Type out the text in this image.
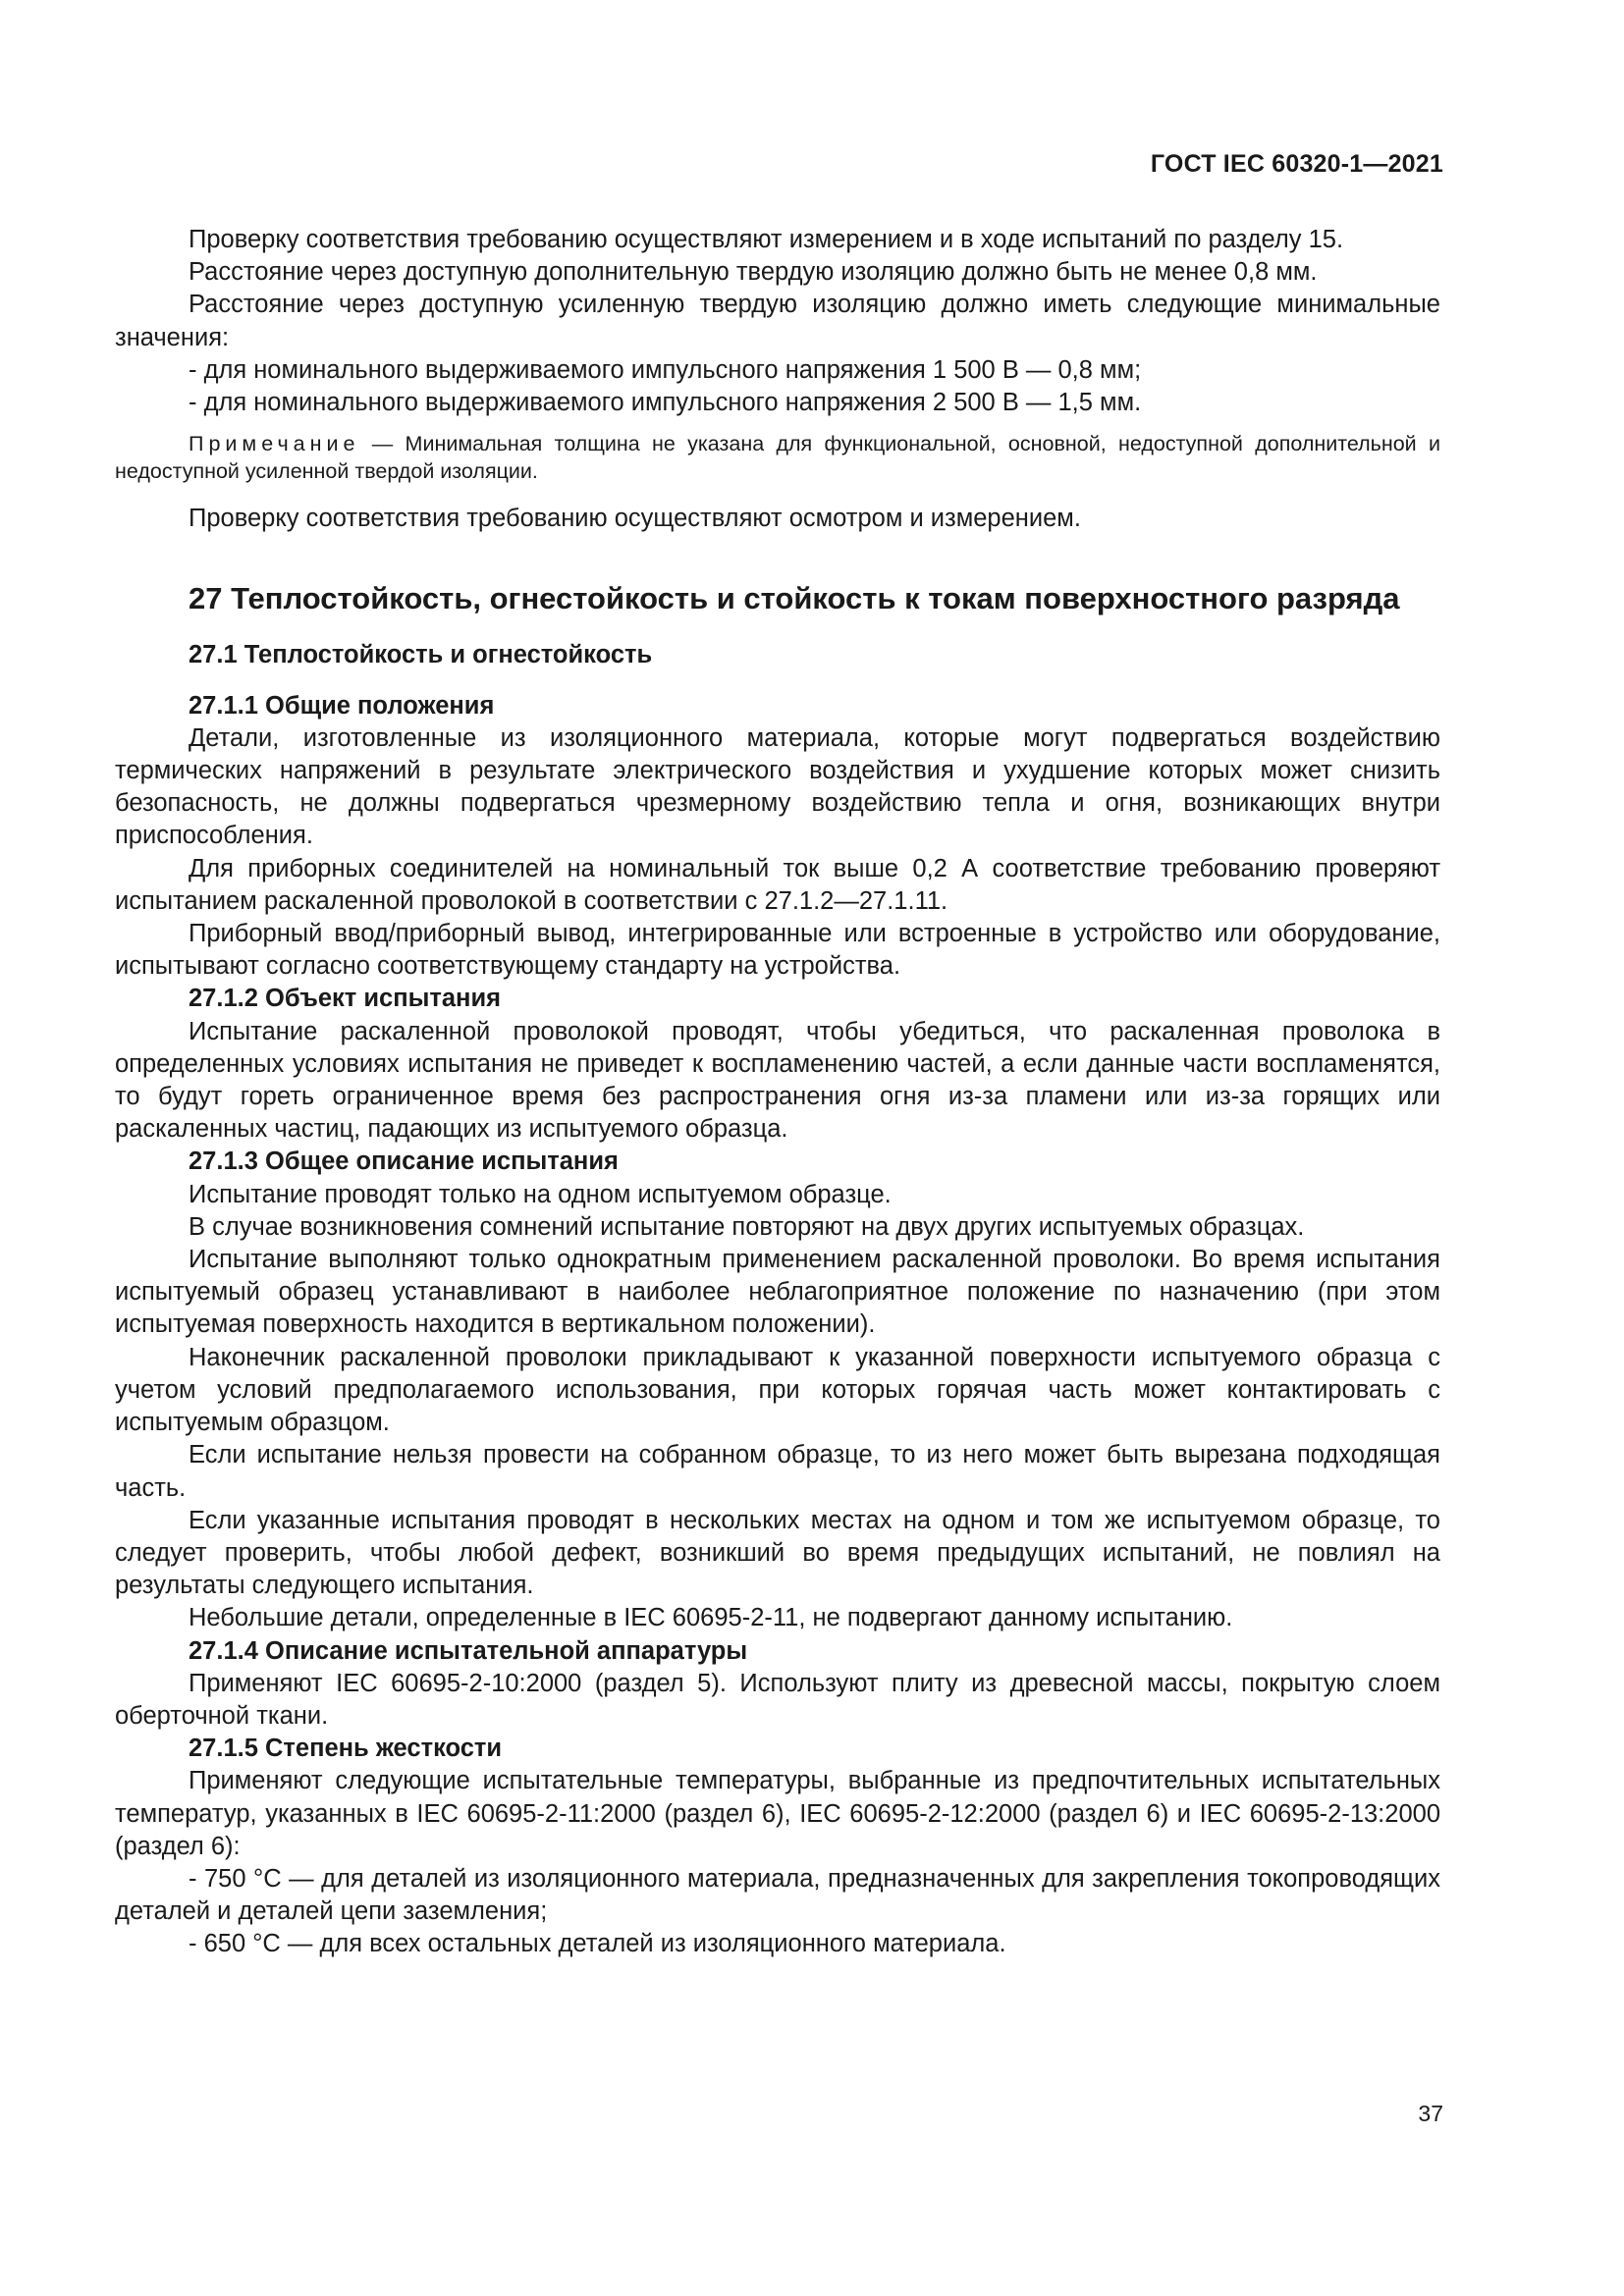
ГОСТ IEC 60320-1—2021

Проверку соответствия требованию осуществляют измерением и в ходе испытаний по разделу 15.

Расстояние через доступную дополнительную твердую изоляцию должно быть не менее 0,8 мм.

Расстояние через доступную усиленную твердую изоляцию должно иметь следующие минимальные значения:

- для номинального выдерживаемого импульсного напряжения 1 500 В — 0,8 мм;

- для номинального выдерживаемого импульсного напряжения 2 500 В — 1,5 мм.

Примечание — Минимальная толщина не указана для функциональной, основной, недоступной дополнительной и недоступной усиленной твердой изоляции.

Проверку соответствия требованию осуществляют осмотром и измерением.

27 Теплостойкость, огнестойкость и стойкость к токам поверхностного разряда

27.1 Теплостойкость и огнестойкость

27.1.1 Общие положения

Детали, изготовленные из изоляционного материала, которые могут подвергаться воздействию термических напряжений в результате электрического воздействия и ухудшение которых может снизить безопасность, не должны подвергаться чрезмерному воздействию тепла и огня, возникающих внутри приспособления.

Для приборных соединителей на номинальный ток выше 0,2 А соответствие требованию проверяют испытанием раскаленной проволокой в соответствии с 27.1.2—27.1.11.

Приборный ввод/приборный вывод, интегрированные или встроенные в устройство или оборудование, испытывают согласно соответствующему стандарту на устройства.

27.1.2 Объект испытания

Испытание раскаленной проволокой проводят, чтобы убедиться, что раскаленная проволока в определенных условиях испытания не приведет к воспламенению частей, а если данные части воспламенятся, то будут гореть ограниченное время без распространения огня из-за пламени или из-за горящих или раскаленных частиц, падающих из испытуемого образца.

27.1.3 Общее описание испытания

Испытание проводят только на одном испытуемом образце.

В случае возникновения сомнений испытание повторяют на двух других испытуемых образцах.

Испытание выполняют только однократным применением раскаленной проволоки. Во время испытания испытуемый образец устанавливают в наиболее неблагоприятное положение по назначению (при этом испытуемая поверхность находится в вертикальном положении).

Наконечник раскаленной проволоки прикладывают к указанной поверхности испытуемого образца с учетом условий предполагаемого использования, при которых горячая часть может контактировать с испытуемым образцом.

Если испытание нельзя провести на собранном образце, то из него может быть вырезана подходящая часть.

Если указанные испытания проводят в нескольких местах на одном и том же испытуемом образце, то следует проверить, чтобы любой дефект, возникший во время предыдущих испытаний, не повлиял на результаты следующего испытания.

Небольшие детали, определенные в IEC 60695-2-11, не подвергают данному испытанию.

27.1.4 Описание испытательной аппаратуры

Применяют IEC 60695-2-10:2000 (раздел 5). Используют плиту из древесной массы, покрытую слоем оберточной ткани.

27.1.5 Степень жесткости

Применяют следующие испытательные температуры, выбранные из предпочтительных испытательных температур, указанных в IEC 60695-2-11:2000 (раздел 6), IEC 60695-2-12:2000 (раздел 6) и IEC 60695-2-13:2000 (раздел 6):

- 750 °С — для деталей из изоляционного материала, предназначенных для закрепления токопроводящих деталей и деталей цепи заземления;

- 650 °С — для всех остальных деталей из изоляционного материала.

37
